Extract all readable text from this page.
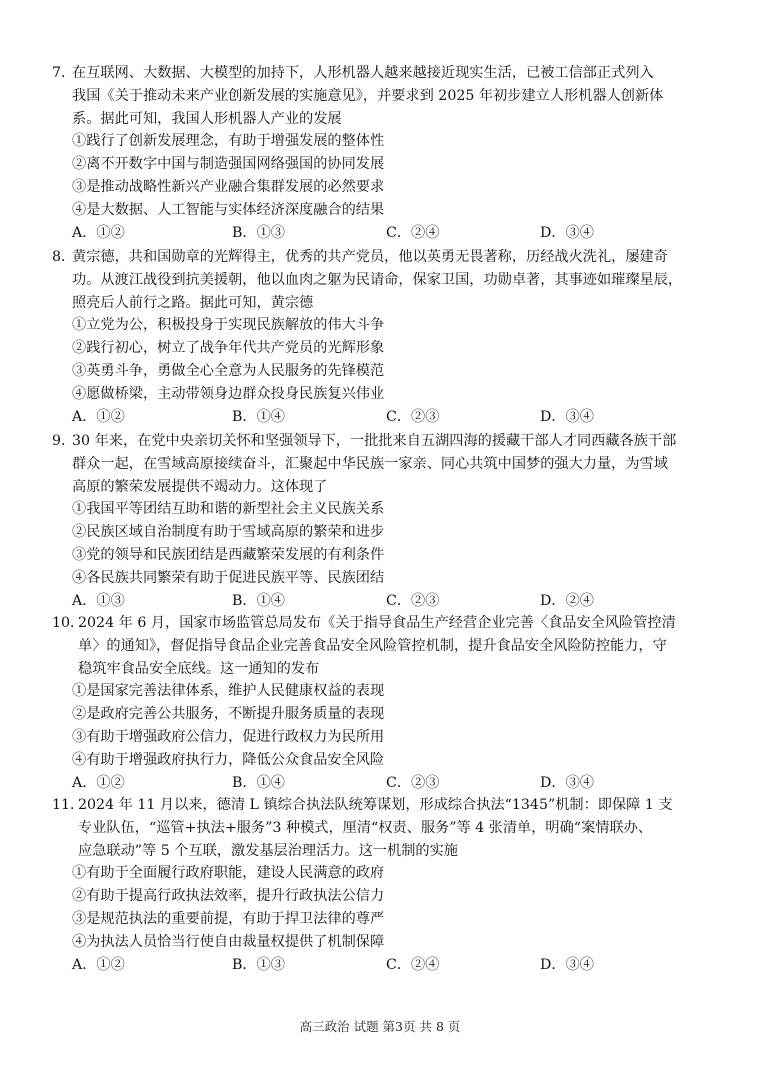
7．在互联网、大数据、大模型的加持下，人形机器人越来越接近现实生活，已被工信部正式列入
我国《关于推动未来产业创新发展的实施意见》，并要求到 2025 年初步建立人形机器人创新体
系。据此可知，我国人形机器人产业的发展
①践行了创新发展理念，有助于增强发展的整体性
②离不开数字中国与制造强国网络强国的协同发展
③是推动战略性新兴产业融合集群发展的必然要求
④是大数据、人工智能与实体经济深度融合的结果
A．①②	B．①③	C．②④	D．③④
8．黄宗德，共和国勋章的光辉得主，优秀的共产党员，他以英勇无畏著称，历经战火洗礼，屡建奇
功。从渡江战役到抗美援朝，他以血肉之躯为民请命，保家卫国，功勋卓著，其事迹如璀璨星辰，
照亮后人前行之路。据此可知，黄宗德
①立党为公，积极投身于实现民族解放的伟大斗争
②践行初心，树立了战争年代共产党员的光辉形象
③英勇斗争，勇做全心全意为人民服务的先锋模范
④愿做桥梁，主动带领身边群众投身民族复兴伟业
A．①②	B．①④	C．②③	D．③④
9．30 年来，在党中央亲切关怀和坚强领导下，一批批来自五湖四海的援藏干部人才同西藏各族干部
群众一起，在雪域高原接续奋斗，汇聚起中华民族一家亲、同心共筑中国梦的强大力量，为雪域
高原的繁荣发展提供不竭动力。这体现了
①我国平等团结互助和谐的新型社会主义民族关系
②民族区域自治制度有助于雪域高原的繁荣和进步
③党的领导和民族团结是西藏繁荣发展的有利条件
④各民族共同繁荣有助于促进民族平等、民族团结
A．①③	B．①④	C．②③	D．②④
10．2024 年 6 月，国家市场监管总局发布《关于指导食品生产经营企业完善〈食品安全风险管控清
单〉的通知》，督促指导食品企业完善食品安全风险管控机制，提升食品安全风险防控能力，守
稳筑牢食品安全底线。这一通知的发布
①是国家完善法律体系，维护人民健康权益的表现
②是政府完善公共服务，不断提升服务质量的表现
③有助于增强政府公信力，促进行政权力为民所用
④有助于增强政府执行力，降低公众食品安全风险
A．①②	B．①④	C．②③	D．③④
11．2024 年 11 月以来，德清 L 镇综合执法队统筹谋划，形成综合执法“1345”机制：即保障 1 支
专业队伍，“巡管+执法+服务”3 种模式，厘清“权责、服务”等 4 张清单，明确“案情联办、
应急联动”等 5 个互联，激发基层治理活力。这一机制的实施
①有助于全面履行政府职能，建设人民满意的政府
②有助于提高行政执法效率，提升行政执法公信力
③是规范执法的重要前提，有助于捍卫法律的尊严
④为执法人员恰当行使自由裁量权提供了机制保障
A．①②	B．①③	C．②④	D．③④
高三政治 试题 第3页 共 8 页
